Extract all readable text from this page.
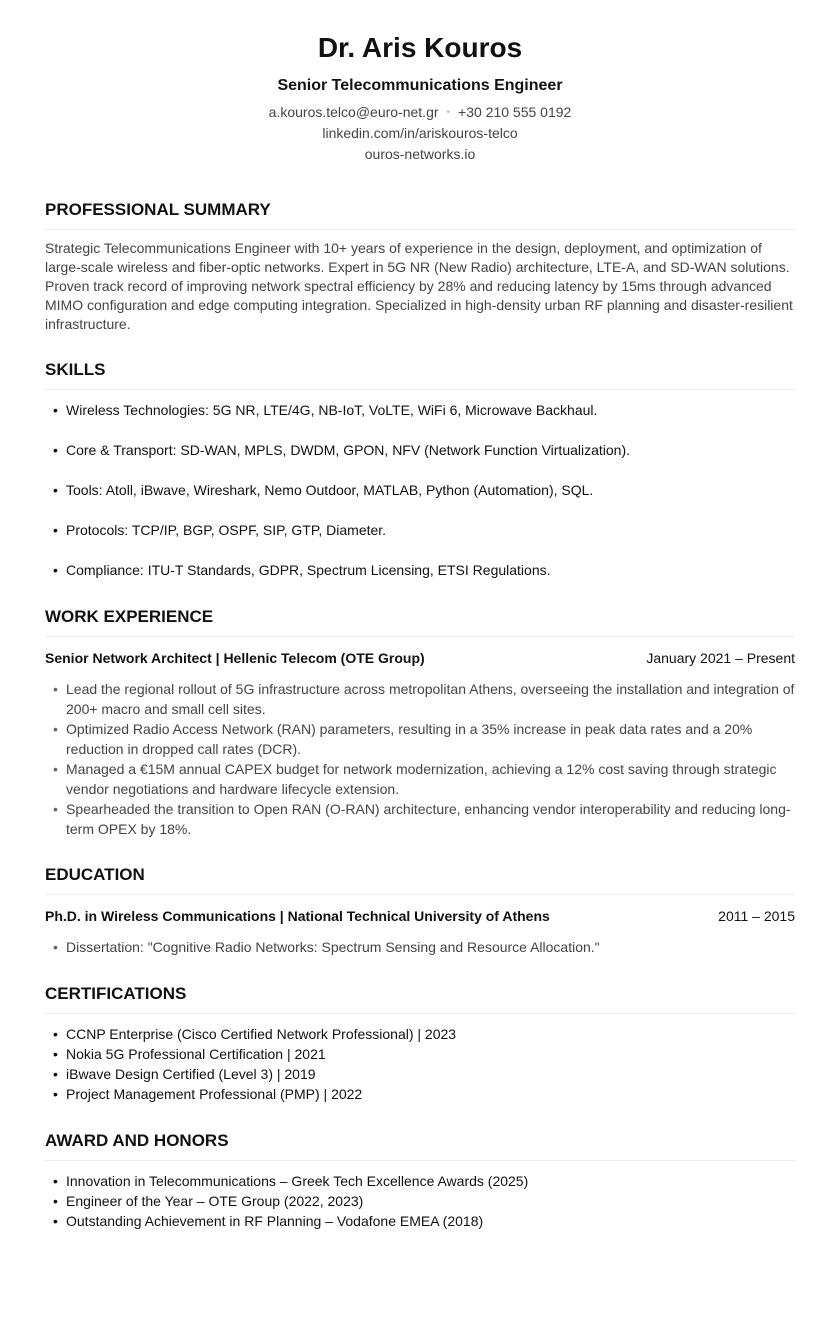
Dr. Aris Kouros
Senior Telecommunications Engineer
a.kouros.telco@euro-net.gr • +30 210 555 0192
linkedin.com/in/ariskouros-telco
ouros-networks.io
PROFESSIONAL SUMMARY
Strategic Telecommunications Engineer with 10+ years of experience in the design, deployment, and optimization of large-scale wireless and fiber-optic networks. Expert in 5G NR (New Radio) architecture, LTE-A, and SD-WAN solutions. Proven track record of improving network spectral efficiency by 28% and reducing latency by 15ms through advanced MIMO configuration and edge computing integration. Specialized in high-density urban RF planning and disaster-resilient infrastructure.
SKILLS
• Wireless Technologies: 5G NR, LTE/4G, NB-IoT, VoLTE, WiFi 6, Microwave Backhaul.
• Core & Transport: SD-WAN, MPLS, DWDM, GPON, NFV (Network Function Virtualization).
• Tools: Atoll, iBwave, Wireshark, Nemo Outdoor, MATLAB, Python (Automation), SQL.
• Protocols: TCP/IP, BGP, OSPF, SIP, GTP, Diameter.
• Compliance: ITU-T Standards, GDPR, Spectrum Licensing, ETSI Regulations.
WORK EXPERIENCE
Senior Network Architect | Hellenic Telecom (OTE Group)	January 2021 – Present
• Lead the regional rollout of 5G infrastructure across metropolitan Athens, overseeing the installation and integration of 200+ macro and small cell sites.
• Optimized Radio Access Network (RAN) parameters, resulting in a 35% increase in peak data rates and a 20% reduction in dropped call rates (DCR).
• Managed a €15M annual CAPEX budget for network modernization, achieving a 12% cost saving through strategic vendor negotiations and hardware lifecycle extension.
• Spearheaded the transition to Open RAN (O-RAN) architecture, enhancing vendor interoperability and reducing long-term OPEX by 18%.
EDUCATION
Ph.D. in Wireless Communications | National Technical University of Athens	2011 – 2015
• Dissertation: "Cognitive Radio Networks: Spectrum Sensing and Resource Allocation."
CERTIFICATIONS
• CCNP Enterprise (Cisco Certified Network Professional) | 2023
• Nokia 5G Professional Certification | 2021
• iBwave Design Certified (Level 3) | 2019
• Project Management Professional (PMP) | 2022
AWARD AND HONORS
• Innovation in Telecommunications – Greek Tech Excellence Awards (2025)
• Engineer of the Year – OTE Group (2022, 2023)
• Outstanding Achievement in RF Planning – Vodafone EMEA (2018)
